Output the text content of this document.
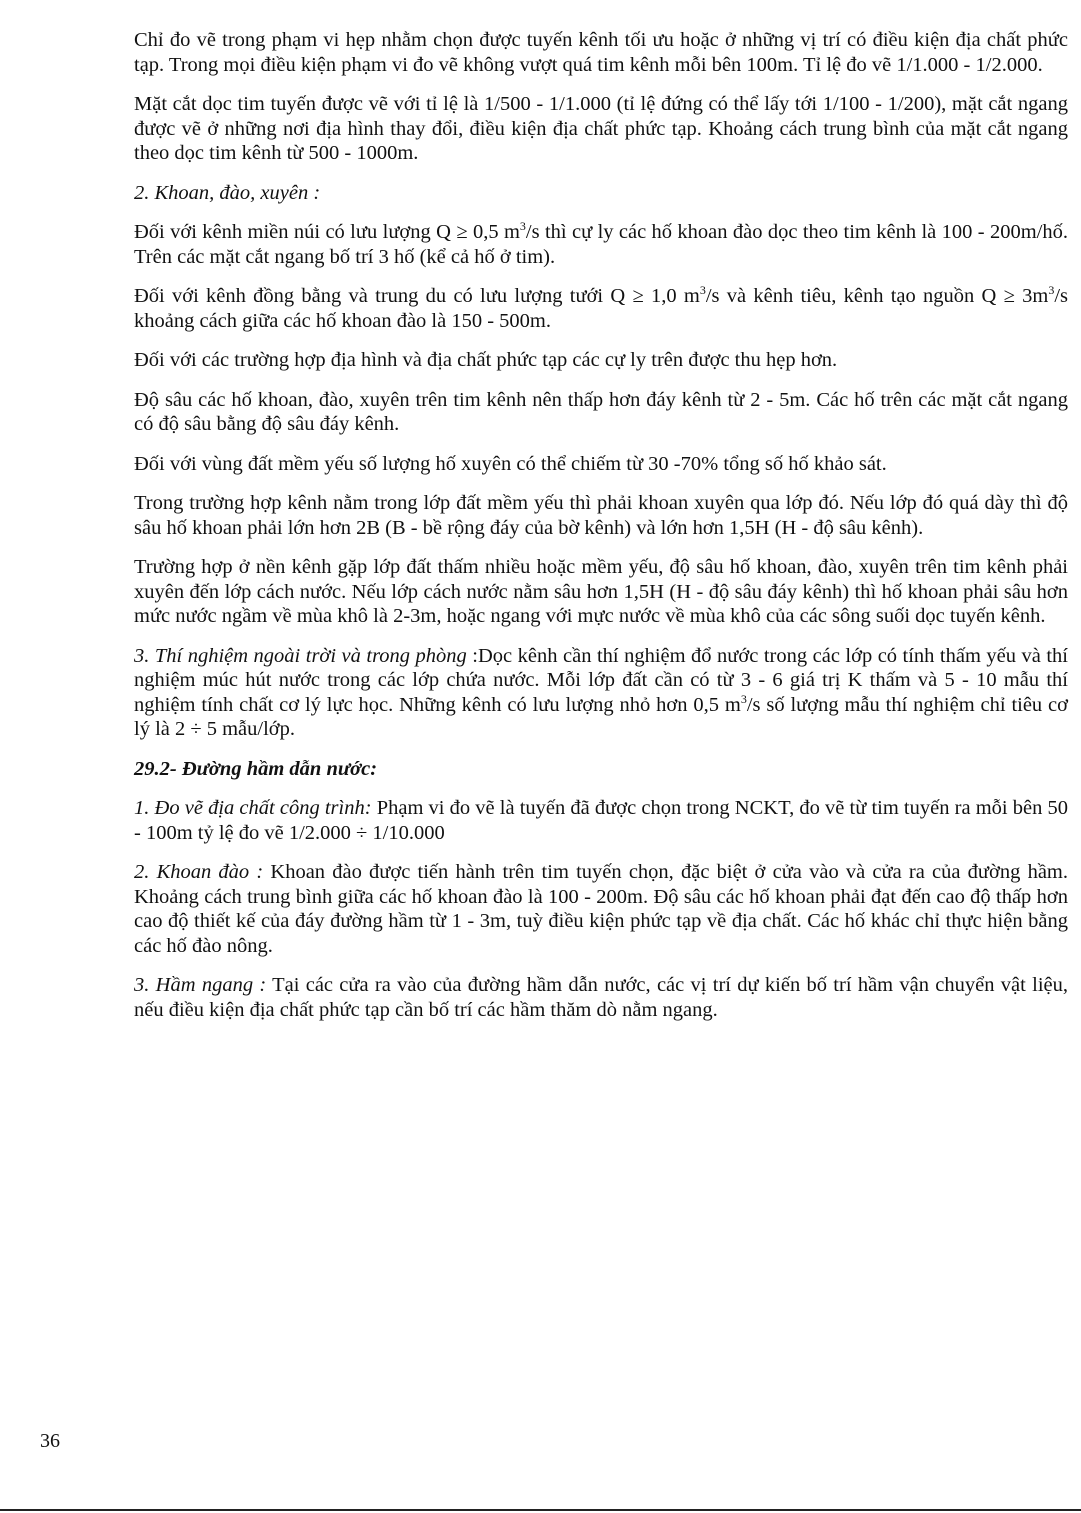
Chỉ đo vẽ trong phạm vi hẹp nhằm chọn được tuyến kênh tối ưu hoặc ở những vị trí có điều kiện địa chất phức tạp. Trong mọi điều kiện phạm vi đo vẽ không vượt quá tim kênh mỗi bên 100m. Tỉ lệ đo vẽ 1/1.000 - 1/2.000.

Mặt cắt dọc tim tuyến được vẽ với tỉ lệ là 1/500 - 1/1.000 (tỉ lệ đứng có thể lấy tới 1/100 - 1/200), mặt cắt ngang được vẽ ở những nơi địa hình thay đổi, điều kiện địa chất phức tạp. Khoảng cách trung bình của mặt cắt ngang theo dọc tim kênh từ 500 - 1000m.

2. Khoan, đào, xuyên :

Đối với kênh miền núi có lưu lượng Q ≥ 0,5 $m^3/s$ thì cự ly các hố khoan đào dọc theo tim kênh là 100 - 200m/hố. Trên các mặt cắt ngang bố trí 3 hố (kể cả hố ở tim).

Đối với kênh đồng bằng và trung du có lưu lượng tưới Q ≥ 1,0 $m^3/s$ và kênh tiêu, kênh tạo nguồn $Q \ge 3m^3/s$ khoảng cách giữa các hố khoan đào là 150 - 500m.

Đối với các trường hợp địa hình và địa chất phức tạp các cự ly trên được thu hẹp hơn.

Độ sâu các hố khoan, đào, xuyên trên tim kênh nên thấp hơn đáy kênh từ 2 - 5m. Các hố trên các mặt cắt ngang có độ sâu bằng độ sâu đáy kênh.

Đối với vùng đất mềm yếu số lượng hố xuyên có thể chiếm từ 30 -70% tổng số hố khảo sát.

Trong trường hợp kênh nằm trong lớp đất mềm yếu thì phải khoan xuyên qua lớp đó. Nếu lớp đó quá dày thì độ sâu hố khoan phải lớn hơn 2B (B - bề rộng đáy của bờ kênh) và lớn hơn 1,5H (H - độ sâu kênh).

Trường hợp ở nền kênh gặp lớp đất thấm nhiều hoặc mềm yếu, độ sâu hố khoan, đào, xuyên trên tim kênh phải xuyên đến lớp cách nước. Nếu lớp cách nước nằm sâu hơn 1,5H (H - độ sâu đáy kênh) thì hố khoan phải sâu hơn mức nước ngầm về mùa khô là 2-3m, hoặc ngang với mực nước về mùa khô của các sông suối dọc tuyến kênh.

3. Thí nghiệm ngoài trời và trong phòng :Dọc kênh cần thí nghiệm đổ nước trong các lớp có tính thấm yếu và thí nghiệm múc hút nước trong các lớp chứa nước. Mỗi lớp đất cần có từ 3 - 6 giá trị K thấm và 5 - 10 mẫu thí nghiệm tính chất cơ lý lực học. Những kênh có lưu lượng nhỏ hơn 0,5 $m^3/s$ số lượng mẫu thí nghiệm chỉ tiêu cơ lý là 2 ÷ 5 mẫu/lớp.

29.2- Đường hầm dẫn nước:

1. Đo vẽ địa chất công trình: Phạm vi đo vẽ là tuyến đã được chọn trong NCKT, đo vẽ từ tim tuyến ra mỗi bên 50 - 100m tỷ lệ đo vẽ 1/2.000 ÷ 1/10.000

2. Khoan đào : Khoan đào được tiến hành trên tim tuyến chọn, đặc biệt ở cửa vào và cửa ra của đường hầm. Khoảng cách trung bình giữa các hố khoan đào là 100 - 200m. Độ sâu các hố khoan phải đạt đến cao độ thấp hơn cao độ thiết kế của đáy đường hầm từ 1 - 3m, tuỳ điều kiện phức tạp về địa chất. Các hố khác chỉ thực hiện bằng các hố đào nông.

3. Hầm ngang : Tại các cửa ra vào của đường hầm dẫn nước, các vị trí dự kiến bố trí hầm vận chuyển vật liệu, nếu điều kiện địa chất phức tạp cần bố trí các hầm thăm dò nằm ngang.

36
